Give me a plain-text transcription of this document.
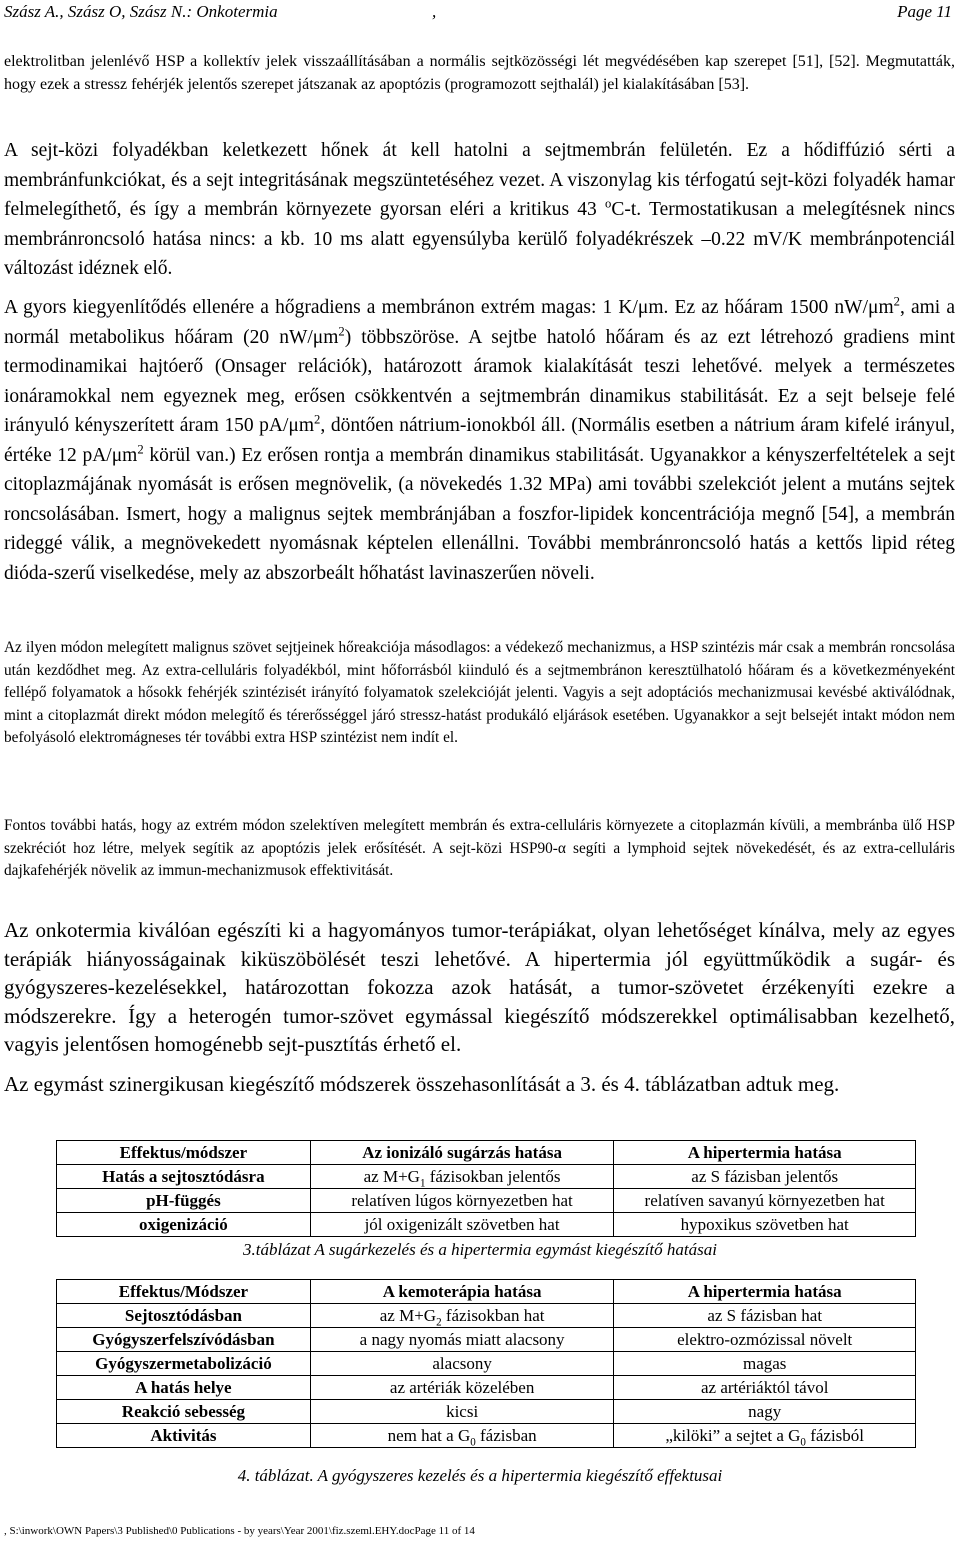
Szász A., Szász O, Szász N.: Onkotermia	,	Page 11

elektrolitban jelenlévő HSP a kollektív jelek visszaállításában a normális sejtközösségi lét megvédésében kap szerepet [51], [52]. Megmutatták, hogy ezek a stressz fehérjék jelentős szerepet játszanak az apoptózis (programozott sejthalál) jel kialakításában [53].

A sejt-közi folyadékban keletkezett hőnek át kell hatolni a sejtmembrán felületén. Ez a hődiffúzió sérti a membránfunkciókat, és a sejt integritásának megszüntetéséhez vezet. A viszonylag kis térfogatú sejt-közi folyadék hamar felmelegíthető, és így a membrán környezete gyorsan eléri a kritikus 43 $^o$C-t. Termostatikusan a melegítésnek nincs membránroncsoló hatása nincs: a kb. 10 ms alatt egyensúlyba kerülő folyadékrészek –0.22 mV/K membránpotenciál változást idéznek elő.

A gyors kiegyenlítődés ellenére a hőgradiens a membránon extrém magas: 1 K/μm. Ez az hőáram 1500 $nW/\mu m^2$, ami a normál metabolikus hőáram (20 $nW/\mu m^2$) többszöröse. A sejtbe hatoló hőáram és az ezt létrehozó gradiens mint termodinamikai hajtóerő (Onsager relációk), határozott áramok kialakítását teszi lehetővé. melyek a természetes ionáramokkal nem egyeznek meg, erősen csökkentvén a sejtmembrán dinamikus stabilitását. Ez a sejt belseje felé irányuló kényszerített áram 150 $pA/\mu m^2$, döntően nátrium-ionokból áll. (Normális esetben a nátrium áram kifelé irányul, értéke 12 $pA/\mu m^2$ körül van.) Ez erősen rontja a membrán dinamikus stabilitását. Ugyanakkor a kényszerfeltételek a sejt citoplazmájának nyomását is erősen megnövelik, (a növekedés 1.32 MPa) ami további szelekciót jelent a mutáns sejtek roncsolásában. Ismert, hogy a malignus sejtek membránjában a foszfor-lipidek koncentrációja megnő [54], a membrán rideggé válik, a megnövekedett nyomásnak képtelen ellenállni. További membránroncsoló hatás a kettős lipid réteg dióda-szerű viselkedése, mely az abszorbeált hőhatást lavinaszerűen növeli.

Az ilyen módon melegített malignus szövet sejtjeinek hőreakciója másodlagos: a védekező mechanizmus, a HSP szintézis már csak a membrán roncsolása után kezdődhet meg. Az extra-celluláris folyadékból, mint hőforrásból kiinduló és a sejtmembránon keresztülhatoló hőáram és a következményeként fellépő folyamatok a hősokk fehérjék szintézisét irányító folyamatok szelekcióját jelenti. Vagyis a sejt adoptációs mechanizmusai kevésbé aktiválódnak, mint a citoplazmát direkt módon melegítő és térerősséggel járó stressz-hatást produkáló eljárások esetében. Ugyanakkor a sejt belsejét intakt módon nem befolyásoló elektromágneses tér további extra HSP szintézist nem indít el.

Fontos további hatás, hogy az extrém módon szelektíven melegített membrán és extra-celluláris környezete a citoplazmán kívüli, a membránba ülő HSP szekréciót hoz létre, melyek segítik az apoptózis jelek erősítését. A sejt-közi HSP90-α segíti a lymphoid sejtek növekedését, és az extra-celluláris dajkafehérjék növelik az immun-mechanizmusok effektivitását.

Az onkotermia kiválóan egészíti ki a hagyományos tumor-terápiákat, olyan lehetőséget kínálva, mely az egyes terápiák hiányosságainak kiküszöbölését teszi lehetővé. A hipertermia jól együttműködik a sugár- és gyógyszeres-kezelésekkel, határozottan fokozza azok hatását, a tumor-szövetet érzékenyíti ezekre a módszerekre. Így a heterogén tumor-szövet egymással kiegészítő módszerekkel optimálisabban kezelhető, vagyis jelentősen homogénebb sejt-pusztítás érhető el.

Az egymást szinergikusan kiegészítő módszerek összehasonlítását a 3. és 4. táblázatban adtuk meg.

Effektus/módszer	Az ionizáló sugárzás hatása	A hipertermia hatása
Hatás a sejtosztódásra	az $M+G_1$ fázisokban jelentős	az S fázisban jelentős
pH-függés	relatíven lúgos környezetben hat	relatíven savanyú környezetben hat
oxigenizáció	jól oxigenizált szövetben hat	hypoxikus szövetben hat
3.táblázat A sugárkezelés és a hipertermia egymást kiegészítő hatásai
Effektus/Módszer	A kemoterápia hatása	A hipertermia hatása
Sejtosztódásban	az $M+G_2$ fázisokban hat	az S fázisban hat
Gyógyszerfelszívódásban	a nagy nyomás miatt alacsony	elektro-ozmózissal növelt
Gyógyszermetabolizáció	alacsony	magas
A hatás helye	az artériák közelében	az artériáktól távol
Reakció sebesség	kicsi	nagy
Aktivitás	nem hat a $G_0$ fázisban	„kilöki” a sejtet a $G_0$ fázisból
4. táblázat. A gyógyszeres kezelés és a hipertermia kiegészítő effektusai
, S:\inwork\OWN Papers\3 Published\0 Publications - by years\Year 2001\fiz.szeml.EHY.docPage 11 of 14
